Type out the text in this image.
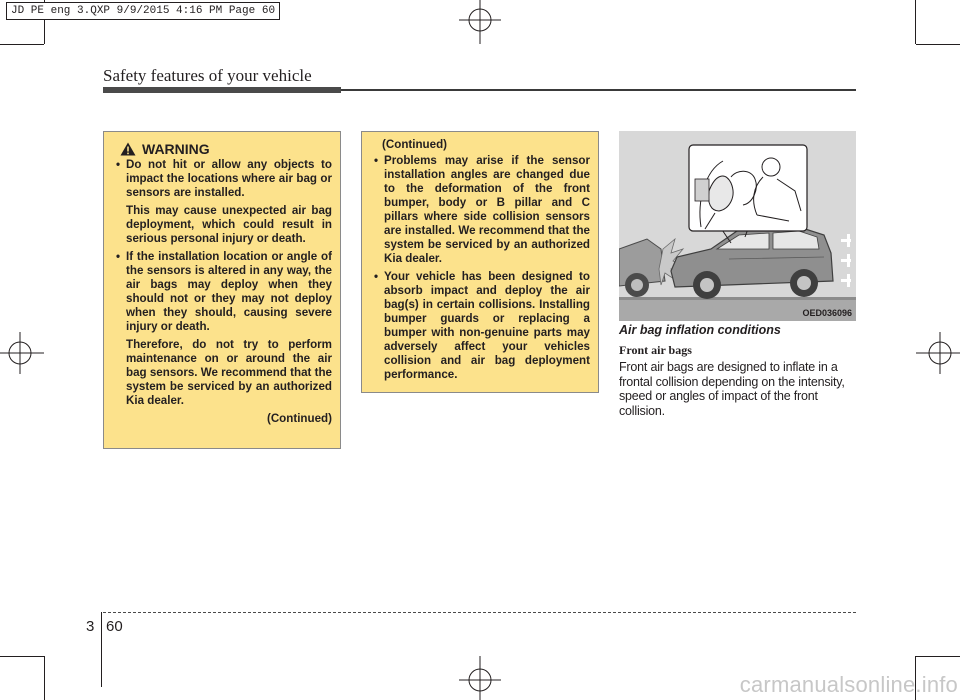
JD PE eng 3.QXP 9/9/2015 4:16 PM Page 60
Safety features of your vehicle
WARNING
• Do not hit or allow any objects to impact the locations where air bag or sensors are installed.

This may cause unexpected air bag deployment, which could result in serious personal injury or death.

• If the installation location or angle of the sensors is altered in any way, the air bags may deploy when they should not or they may not deploy when they should, causing severe injury or death.

Therefore, do not try to perform maintenance on or around the air bag sensors. We recommend that the system be serviced by an authorized Kia dealer.

(Continued)
(Continued)
• Problems may arise if the sensor installation angles are changed due to the deformation of the front bumper, body or B pillar and C pillars where side collision sensors are installed. We recommend that the system be serviced by an authorized Kia dealer.
• Your vehicle has been designed to absorb impact and deploy the air bag(s) in certain collisions. Installing bumper guards or replacing a bumper with non-genuine parts may adversely affect your vehicles collision and air bag deployment performance.
OED036096

Air bag inflation conditions

Front air bags

Front air bags are designed to inflate in a frontal collision depending on the intensity, speed or angles of impact of the front collision.

3 60
carmanualsonline.info
